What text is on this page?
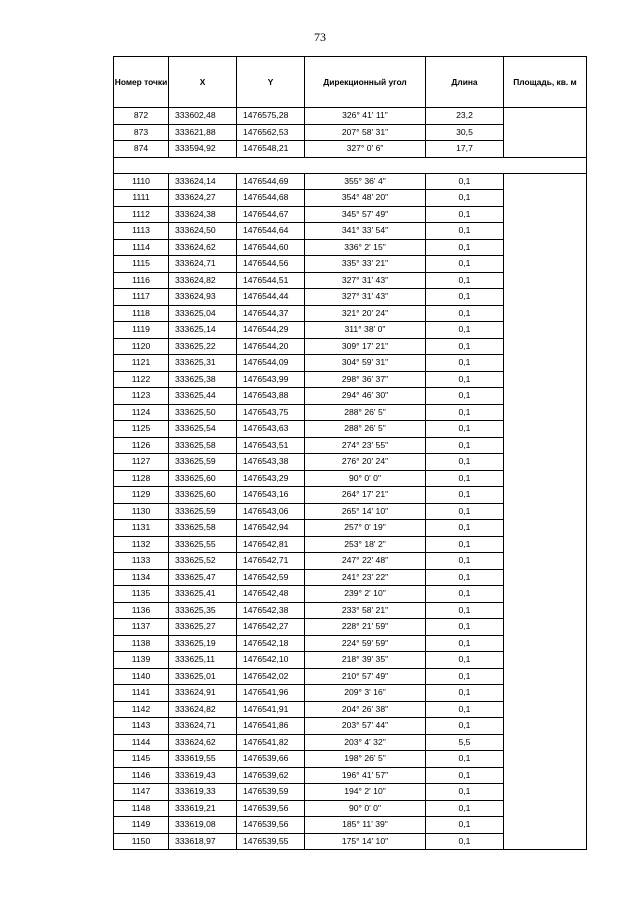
73
Номер точки	X	Y	Дирекционный угол	Длина	Площадь, кв. м
872	333602,48	1476575,28	326° 41' 11"	23,2	
873	333621,88	1476562,53	207° 58' 31"	30,5	
874	333594,92	1476548,21	327° 0' 6"	17,7	

1110	333624,14	1476544,69	355° 36' 4"	0,1	
1111	333624,27	1476544,68	354° 48' 20"	0,1	
1112	333624,38	1476544,67	345° 57' 49"	0,1	
1113	333624,50	1476544,64	341° 33' 54"	0,1	
1114	333624,62	1476544,60	336° 2' 15"	0,1	
1115	333624,71	1476544,56	335° 33' 21"	0,1	
1116	333624,82	1476544,51	327° 31' 43"	0,1	
1117	333624,93	1476544,44	327° 31' 43"	0,1	
1118	333625,04	1476544,37	321° 20' 24"	0,1	
1119	333625,14	1476544,29	311° 38' 0"	0,1	
1120	333625,22	1476544,20	309° 17' 21"	0,1	
1121	333625,31	1476544,09	304° 59' 31"	0,1	
1122	333625,38	1476543,99	298° 36' 37"	0,1	
1123	333625,44	1476543,88	294° 46' 30"	0,1	
1124	333625,50	1476543,75	288° 26' 5"	0,1	
1125	333625,54	1476543,63	288° 26' 5"	0,1	
1126	333625,58	1476543,51	274° 23' 55"	0,1	
1127	333625,59	1476543,38	276° 20' 24"	0,1	
1128	333625,60	1476543,29	90° 0' 0"	0,1	
1129	333625,60	1476543,16	264° 17' 21"	0,1	
1130	333625,59	1476543,06	265° 14' 10"	0,1	
1131	333625,58	1476542,94	257° 0' 19"	0,1	
1132	333625,55	1476542,81	253° 18' 2"	0,1	
1133	333625,52	1476542,71	247° 22' 48"	0,1	
1134	333625,47	1476542,59	241° 23' 22"	0,1	
1135	333625,41	1476542,48	239° 2' 10"	0,1	
1136	333625,35	1476542,38	233° 58' 21"	0,1	
1137	333625,27	1476542,27	228° 21' 59"	0,1	
1138	333625,19	1476542,18	224° 59' 59"	0,1	
1139	333625,11	1476542,10	218° 39' 35"	0,1	
1140	333625,01	1476542,02	210° 57' 49"	0,1	
1141	333624,91	1476541,96	209° 3' 16"	0,1	
1142	333624,82	1476541,91	204° 26' 38"	0,1	
1143	333624,71	1476541,86	203° 57' 44"	0,1	
1144	333624,62	1476541,82	203° 4' 32"	5,5	
1145	333619,55	1476539,66	198° 26' 5"	0,1	
1146	333619,43	1476539,62	196° 41' 57"	0,1	
1147	333619,33	1476539,59	194° 2' 10"	0,1	
1148	333619,21	1476539,56	90° 0' 0"	0,1	
1149	333619,08	1476539,56	185° 11' 39"	0,1	
1150	333618,97	1476539,55	175° 14' 10"	0,1	
